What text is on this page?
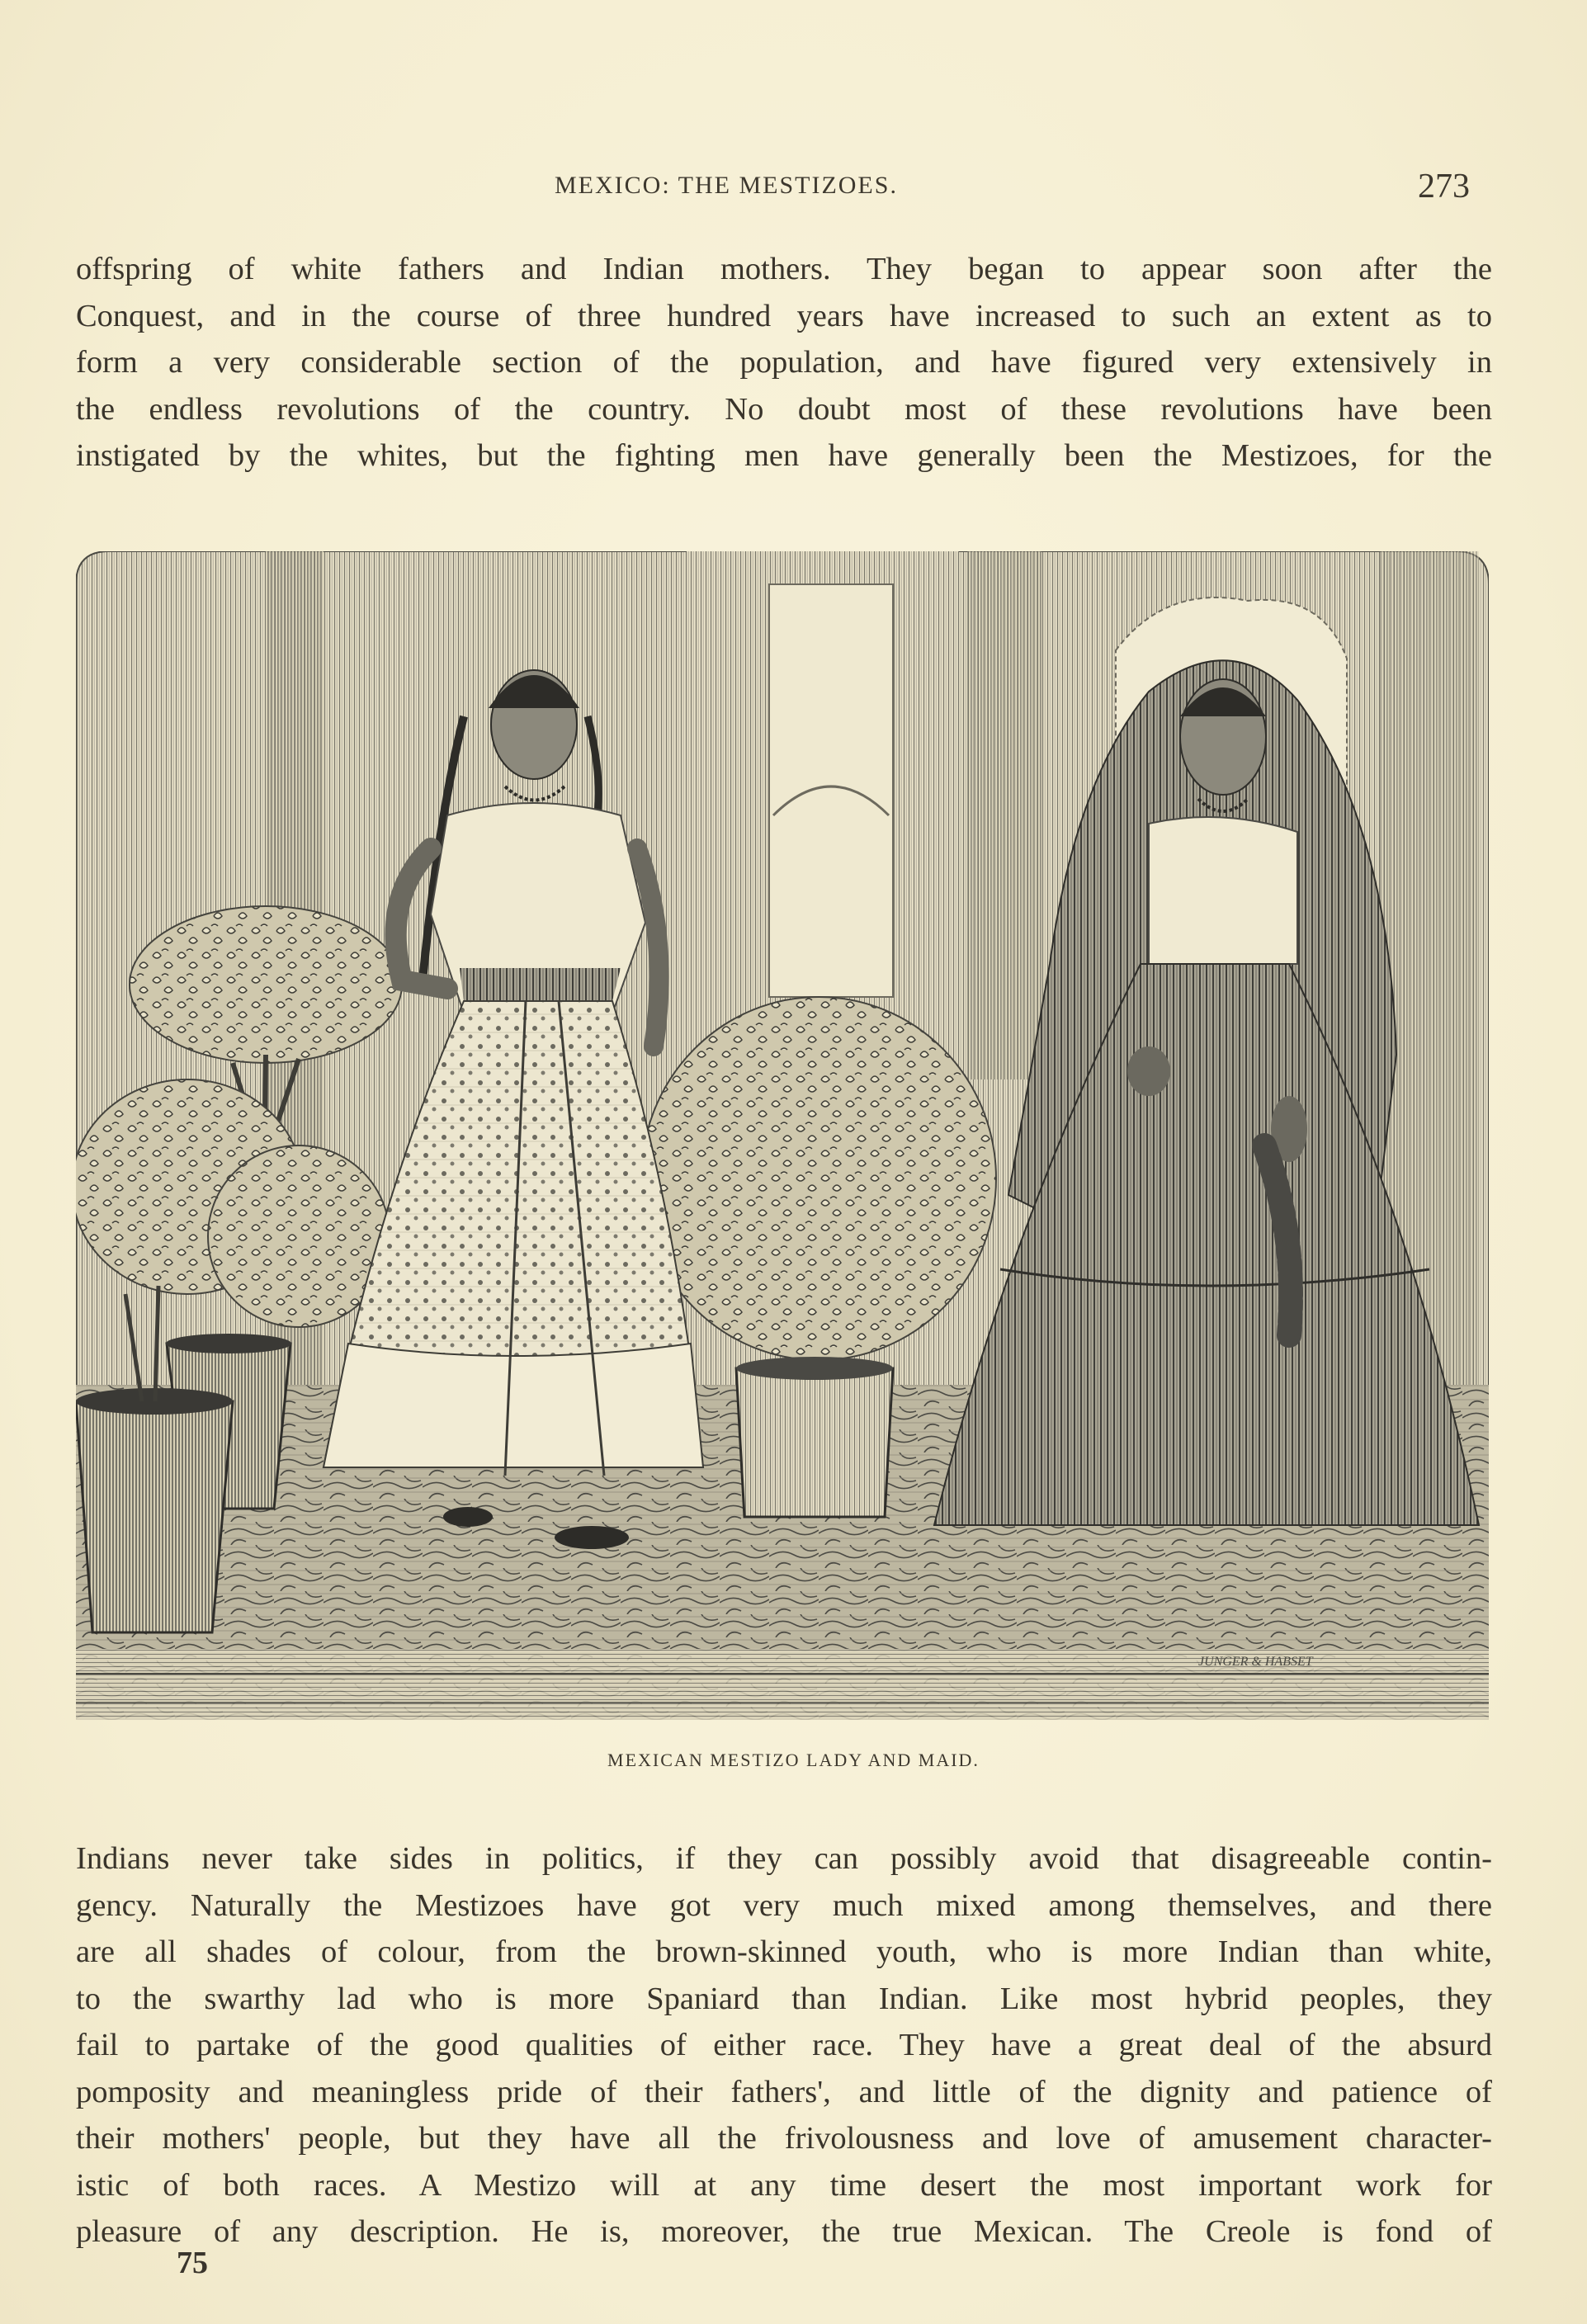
MEXICO: THE MESTIZOES.	273
offspring of white fathers and Indian mothers. They began to appear soon after the
Conquest, and in the course of three hundred years have increased to such an extent as to
form a very considerable section of the population, and have figured very extensively in
the endless revolutions of the country. No doubt most of these revolutions have been
instigated by the whites, but the fighting men have generally been the Mestizoes, for the
JUNGER & HABSET
MEXICAN MESTIZO LADY AND MAID.
Indians never take sides in politics, if they can possibly avoid that disagreeable contin-
gency. Naturally the Mestizoes have got very much mixed among themselves, and there
are all shades of colour, from the brown-skinned youth, who is more Indian than white,
to the swarthy lad who is more Spaniard than Indian. Like most hybrid peoples, they
fail to partake of the good qualities of either race. They have a great deal of the absurd
pomposity and meaningless pride of their fathers', and little of the dignity and patience of
their mothers' people, but they have all the frivolousness and love of amusement character-
istic of both races. A Mestizo will at any time desert the most important work for
pleasure of any description. He is, moreover, the true Mexican. The Creole is fond of
75
